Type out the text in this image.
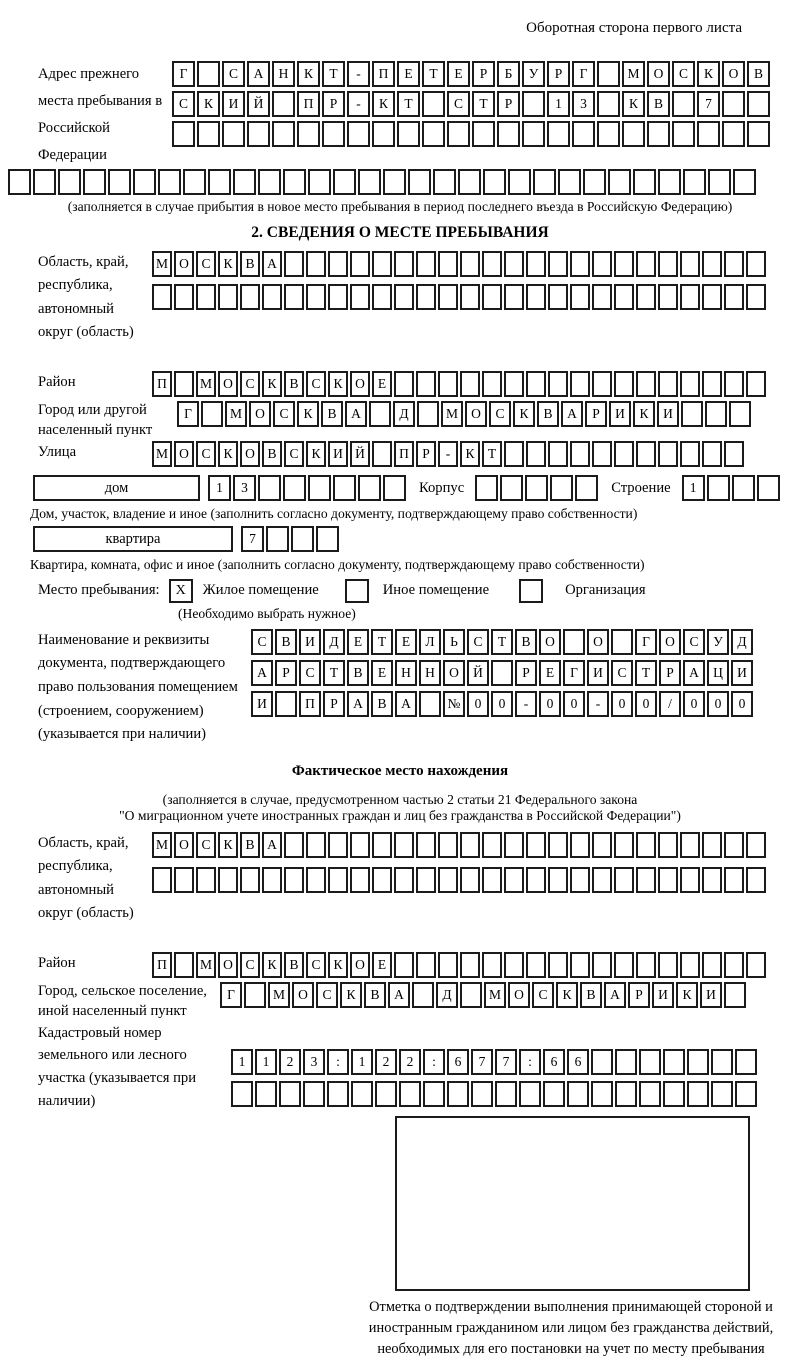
Оборотная сторона первого листа
Адрес прежнего места пребывания в Российской Федерации
Г	С А Н К Т - П Е Т Е Р Б У Р Г	М О С К О В
С К И Й	П Р - К Т	С Т Р	1 3	К В	7
(заполняется в случае прибытия в новое место пребывания в период последнего въезда в Российскую Федерацию)
2. СВЕДЕНИЯ О МЕСТЕ ПРЕБЫВАНИЯ
Область, край, республика, автономный округ (область)
М О С К В А
Район	П М О С К В С К О Е
Город или другой населенный пункт
Г	М О С К В А	Д	М О С К В А Р И К И
Улица	М О С К О В С К И Й	П Р - К Т
дом	1 3	Корпус	Строение 1
Дом, участок, владение и иное (заполнить согласно документу, подтверждающему право собственности)
квартира	7
Квартира, комната, офис и иное (заполнить согласно документу, подтверждающему право собственности)
Место пребывания:	X	Жилое помещение	Иное помещение	Организация
(Необходимо выбрать нужное)
Наименование и реквизиты документа, подтверждающего право пользования помещением (строением, сооружением) (указывается при наличии)
С В И Д Е Т Е Л Ь С Т В О	О	Г О С У Д
А Р С Т В Е Н Н О Й	Р Е Г И С Т Р А Ц И
И	П Р А В А	№ 0 0 - 0 0 - 0 0 / 0 0 0
Фактическое место нахождения
(заполняется в случае, предусмотренном частью 2 статьи 21 Федерального закона
"О миграционном учете иностранных граждан и лиц без гражданства в Российской Федерации")
Область, край, республика, автономный округ (область)
М О С К В А
Район	П М О С К В С К О Е
Город, сельское поселение, иной населенный пункт
Г	М О С К В А	Д	М О С К В А Р И К И
Кадастровый номер земельного или лесного участка (указывается при наличии)
1 1 2 3 : 1 2 2 : 6 7 7 : 6 6
Отметка о подтверждении выполнения принимающей стороной и иностранным гражданином или лицом без гражданства действий, необходимых для его постановки на учет по месту пребывания
